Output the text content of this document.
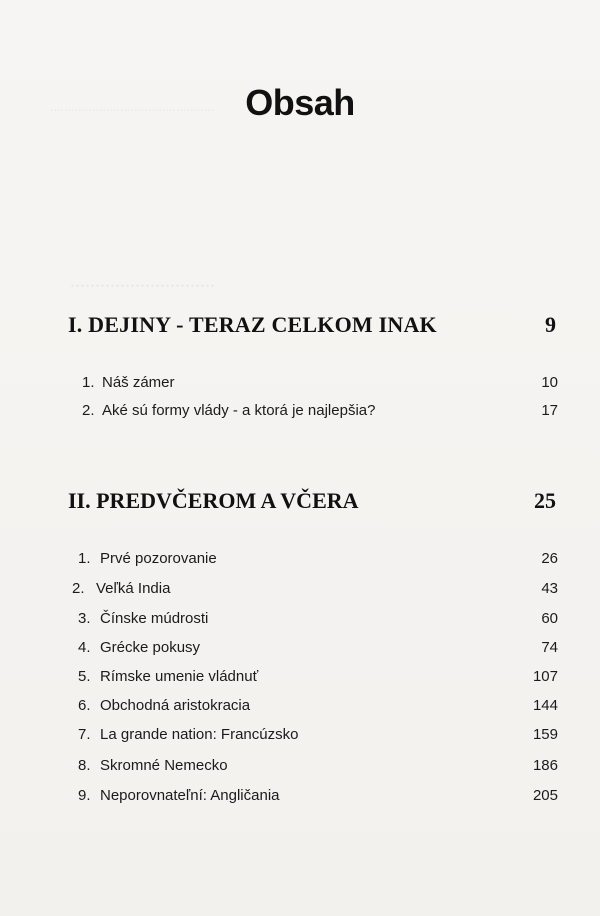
...............................................
.............................
Obsah
I. DEJINY - TERAZ CELKOM INAK	9
1. Náš zámer	10
2. Aké sú formy vlády - a ktorá je najlepšia?	17
II. PREDVČEROM A VČERA	25
1. Prvé pozorovanie	26
2. Veľká India	43
3. Čínske múdrosti	60
4. Grécke pokusy	74
5. Rímske umenie vládnuť	107
6. Obchodná aristokracia	144
7. La grande nation: Francúzsko	159
8. Skromné Nemecko	186
9. Neporovnateľní: Angličania	205
